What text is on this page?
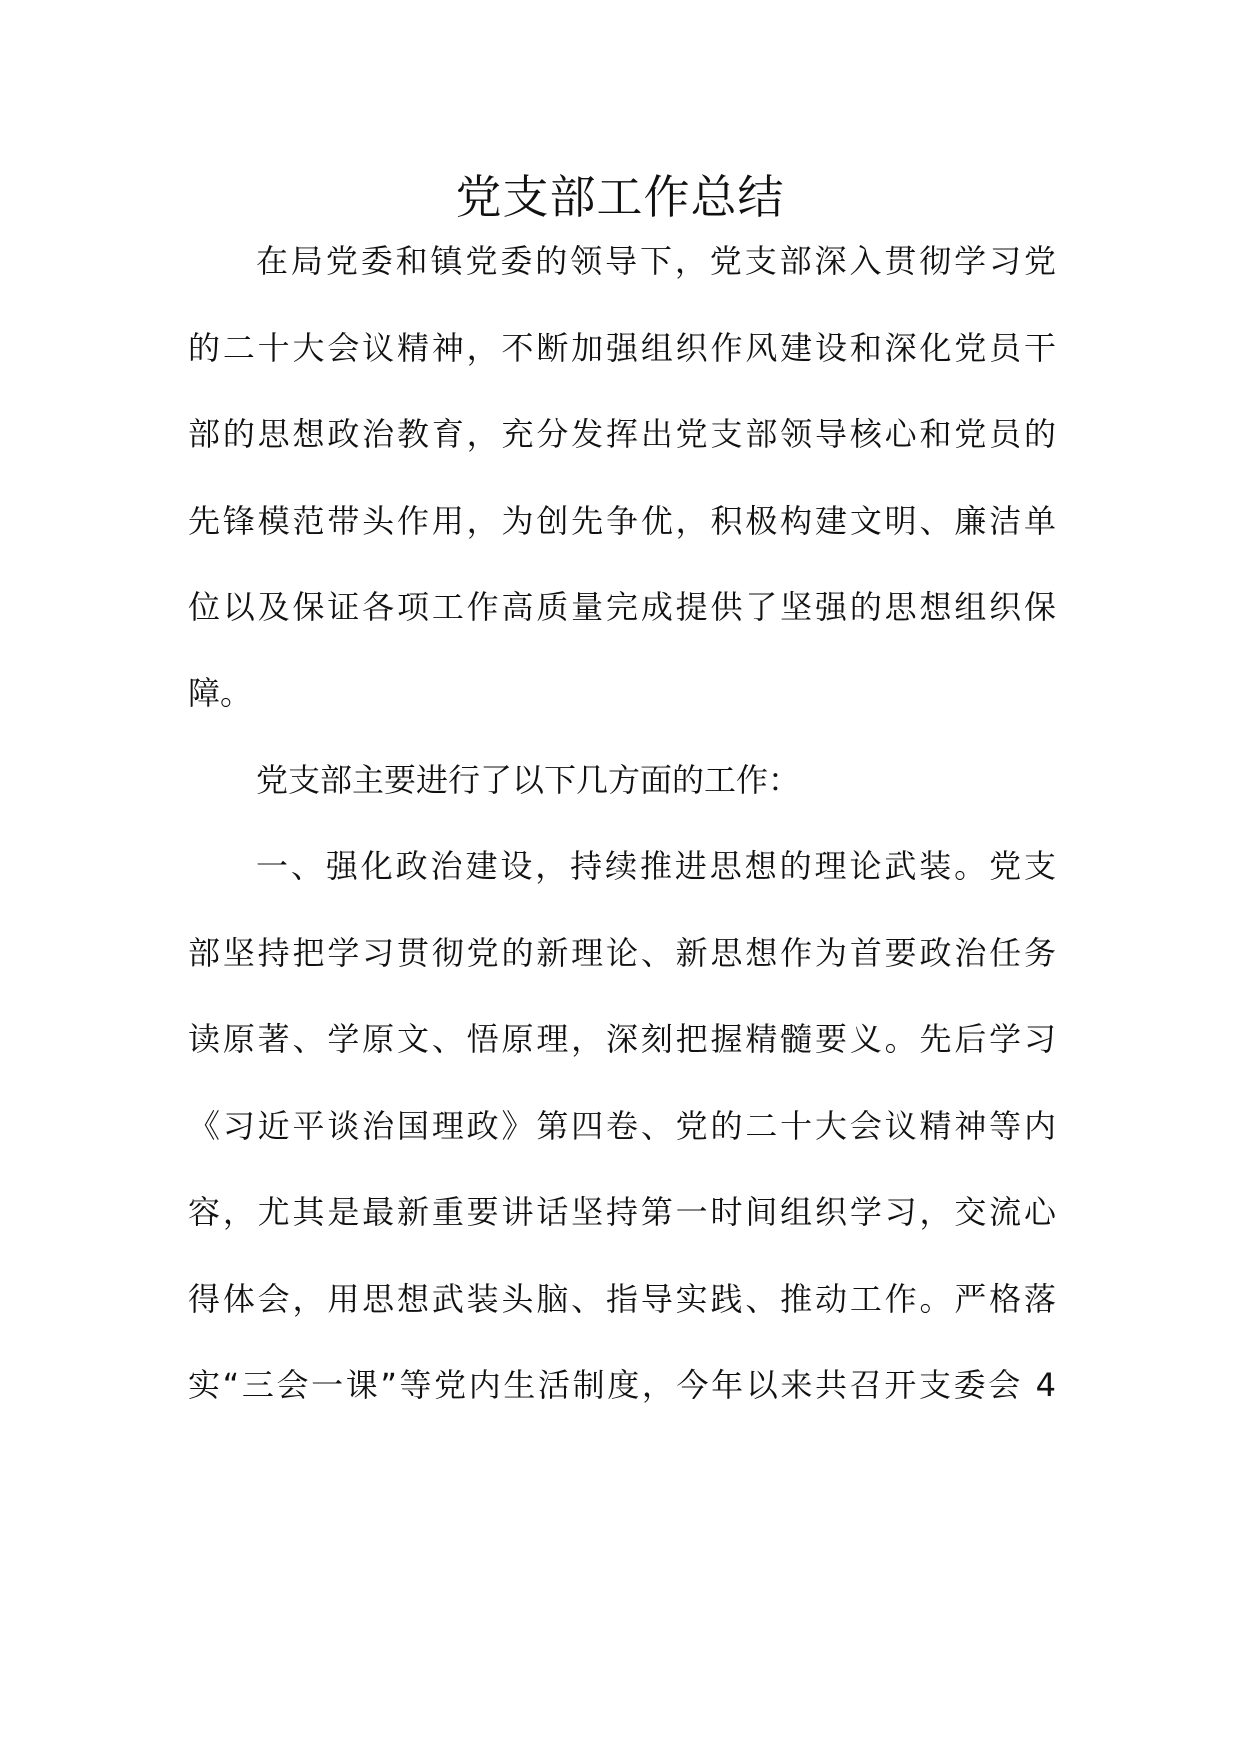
党支部工作总结

在局党委和镇党委的领导下，党支部深入贯彻学习党

的二十大会议精神，不断加强组织作风建设和深化党员干

部的思想政治教育，充分发挥出党支部领导核心和党员的

先锋模范带头作用，为创先争优，积极构建文明、廉洁单

位以及保证各项工作高质量完成提供了坚强的思想组织保

障。

党支部主要进行了以下几方面的工作：

一、强化政治建设，持续推进思想的理论武装。党支

部坚持把学习贯彻党的新理论、新思想作为首要政治任务

读原著、学原文、悟原理，深刻把握精髓要义。先后学习

《习近平谈治国理政》第四卷、党的二十大会议精神等内

容，尤其是最新重要讲话坚持第一时间组织学习，交流心

得体会，用思想武装头脑、指导实践、推动工作。严格落

实“三会一课”等党内生活制度，今年以来共召开支委会 4
